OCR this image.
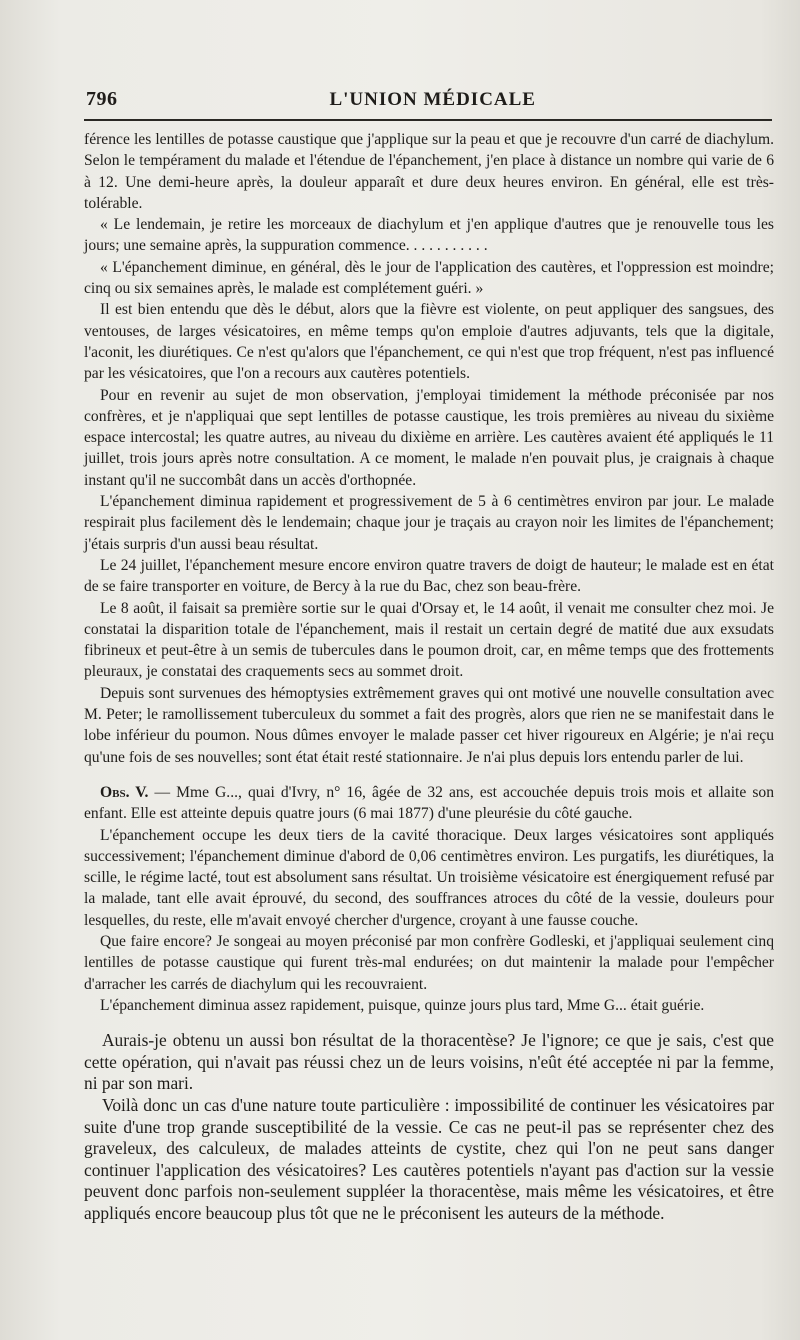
796	L'UNION MÉDICALE

férence les lentilles de potasse caustique que j'applique sur la peau et que je recouvre d'un carré de diachylum. Selon le tempérament du malade et l'étendue de l'épanchement, j'en place à distance un nombre qui varie de 6 à 12. Une demi-heure après, la douleur apparaît et dure deux heures environ. En général, elle est très-tolérable.

« Le lendemain, je retire les morceaux de diachylum et j'en applique d'autres que je renouvelle tous les jours; une semaine après, la suppuration commence. . . . . . . . . . .

« L'épanchement diminue, en général, dès le jour de l'application des cautères, et l'oppression est moindre; cinq ou six semaines après, le malade est complétement guéri. »

Il est bien entendu que dès le début, alors que la fièvre est violente, on peut appliquer des sangsues, des ventouses, de larges vésicatoires, en même temps qu'on emploie d'autres adjuvants, tels que la digitale, l'aconit, les diurétiques. Ce n'est qu'alors que l'épanchement, ce qui n'est que trop fréquent, n'est pas influencé par les vésicatoires, que l'on a recours aux cautères potentiels.

Pour en revenir au sujet de mon observation, j'employai timidement la méthode préconisée par nos confrères, et je n'appliquai que sept lentilles de potasse caustique, les trois premières au niveau du sixième espace intercostal; les quatre autres, au niveau du dixième en arrière. Les cautères avaient été appliqués le 11 juillet, trois jours après notre consultation. A ce moment, le malade n'en pouvait plus, je craignais à chaque instant qu'il ne succombât dans un accès d'orthopnée.

L'épanchement diminua rapidement et progressivement de 5 à 6 centimètres environ par jour. Le malade respirait plus facilement dès le lendemain; chaque jour je traçais au crayon noir les limites de l'épanchement; j'étais surpris d'un aussi beau résultat.

Le 24 juillet, l'épanchement mesure encore environ quatre travers de doigt de hauteur; le malade est en état de se faire transporter en voiture, de Bercy à la rue du Bac, chez son beau-frère.

Le 8 août, il faisait sa première sortie sur le quai d'Orsay et, le 14 août, il venait me consulter chez moi. Je constatai la disparition totale de l'épanchement, mais il restait un certain degré de matité due aux exsudats fibrineux et peut-être à un semis de tubercules dans le poumon droit, car, en même temps que des frottements pleuraux, je constatai des craquements secs au sommet droit.

Depuis sont survenues des hémoptysies extrêmement graves qui ont motivé une nouvelle consultation avec M. Peter; le ramollissement tuberculeux du sommet a fait des progrès, alors que rien ne se manifestait dans le lobe inférieur du poumon. Nous dûmes envoyer le malade passer cet hiver rigoureux en Algérie; je n'ai reçu qu'une fois de ses nouvelles; sont état était resté stationnaire. Je n'ai plus depuis lors entendu parler de lui.

Obs. V. — Mme G..., quai d'Ivry, n° 16, âgée de 32 ans, est accouchée depuis trois mois et allaite son enfant. Elle est atteinte depuis quatre jours (6 mai 1877) d'une pleurésie du côté gauche.

L'épanchement occupe les deux tiers de la cavité thoracique. Deux larges vésicatoires sont appliqués successivement; l'épanchement diminue d'abord de 0,06 centimètres environ. Les purgatifs, les diurétiques, la scille, le régime lacté, tout est absolument sans résultat. Un troisième vésicatoire est énergiquement refusé par la malade, tant elle avait éprouvé, du second, des souffrances atroces du côté de la vessie, douleurs pour lesquelles, du reste, elle m'avait envoyé chercher d'urgence, croyant à une fausse couche.

Que faire encore? Je songeai au moyen préconisé par mon confrère Godleski, et j'appliquai seulement cinq lentilles de potasse caustique qui furent très-mal endurées; on dut maintenir la malade pour l'empêcher d'arracher les carrés de diachylum qui les recouvraient.

L'épanchement diminua assez rapidement, puisque, quinze jours plus tard, Mme G... était guérie.

Aurais-je obtenu un aussi bon résultat de la thoracentèse? Je l'ignore; ce que je sais, c'est que cette opération, qui n'avait pas réussi chez un de leurs voisins, n'eût été acceptée ni par la femme, ni par son mari.

Voilà donc un cas d'une nature toute particulière : impossibilité de continuer les vésicatoires par suite d'une trop grande susceptibilité de la vessie. Ce cas ne peut-il pas se représenter chez des graveleux, des calculeux, de malades atteints de cystite, chez qui l'on ne peut sans danger continuer l'application des vésicatoires? Les cautères potentiels n'ayant pas d'action sur la vessie peuvent donc parfois non-seulement suppléer la thoracentèse, mais même les vésicatoires, et être appliqués encore beaucoup plus tôt que ne le préconisent les auteurs de la méthode.
